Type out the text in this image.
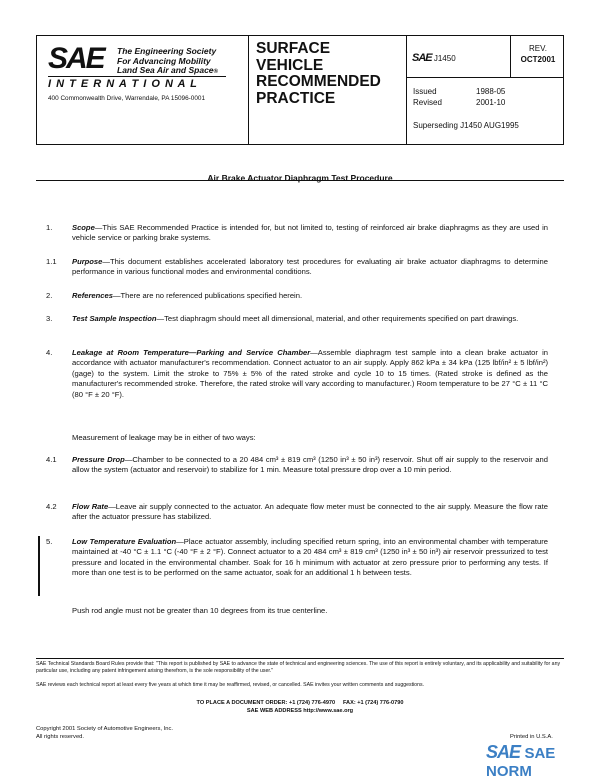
SAE The Engineering Society
For Advancing Mobility
Land Sea Air and Space®
I N T E R N A T I O N A L
400 Commonwealth Drive, Warrendale, PA 15096-0001
SURFACE
VEHICLE
RECOMMENDED
PRACTICE
SAE J1450
REV.
OCT2001
Issued	1988-05
Revised	2001-10
Superseding J1450 AUG1995
Air Brake Actuator Diaphragm Test Procedure
1.	Scope—This SAE Recommended Practice is intended for, but not limited to, testing of reinforced air brake diaphragms as they are used in vehicle service or parking brake systems.
1.1 Purpose—This document establishes accelerated laboratory test procedures for evaluating air brake actuator diaphragms to determine performance in various functional modes and environmental conditions.
2.	References—There are no referenced publications specified herein.
3.	Test Sample Inspection—Test diaphragm should meet all dimensional, material, and other requirements specified on part drawings.
4.	Leakage at Room Temperature—Parking and Service Chamber—Assemble diaphragm test sample into a clean brake actuator in accordance with actuator manufacturer's recommendation. Connect actuator to an air supply. Apply 862 kPa ± 34 kPa (125 lbf/in² ± 5 lbf/in²) (gage) to the system. Limit the stroke to 75% ± 5% of the rated stroke and cycle 10 to 15 times. (Rated stroke is defined as the manufacturer's recommended stroke. Therefore, the rated stroke will vary according to manufacturer.) Room temperature to be 27 °C ± 11 °C (80 °F ± 20 °F).
Measurement of leakage may be in either of two ways:
4.1 Pressure Drop—Chamber to be connected to a 20 484 cm³ ± 819 cm³ (1250 in³ ± 50 in³) reservoir. Shut off air supply to the reservoir and allow the system (actuator and reservoir) to stabilize for 1 min. Measure total pressure drop over a 10 min period.
4.2 Flow Rate—Leave air supply connected to the actuator. An adequate flow meter must be connected to the air supply. Measure the flow rate after the actuator pressure has stabilized.
5.	Low Temperature Evaluation—Place actuator assembly, including specified return spring, into an environmental chamber with temperature maintained at -40 °C ± 1.1 °C (-40 °F ± 2 °F). Connect actuator to a 20 484 cm³ ± 819 cm³ (1250 in³ ± 50 in³) air reservoir pressurized to test pressure and located in the environmental chamber. Soak for 16 h minimum with actuator at zero pressure prior to performing any tests. If more than one test is to be performed on the same actuator, soak for an additional 1 h between tests.
Push rod angle must not be greater than 10 degrees from its true centerline.
SAE Technical Standards Board Rules provide that: "This report is published by SAE to advance the state of technical and engineering sciences. The use of this report is entirely voluntary, and its applicability and suitability for any particular use, including any patent infringement arising therefrom, is the sole responsibility of the user."
SAE reviews each technical report at least every five years at which time it may be reaffirmed, revised, or cancelled. SAE invites your written comments and suggestions.
TO PLACE A DOCUMENT ORDER: +1 (724) 776-4970 FAX: +1 (724) 776-0790
SAE WEB ADDRESS http://www.sae.org
Copyright 2001 Society of Automotive Engineers, Inc.
All rights reserved.	Printed in U.S.A.
SAE SAE NORM
